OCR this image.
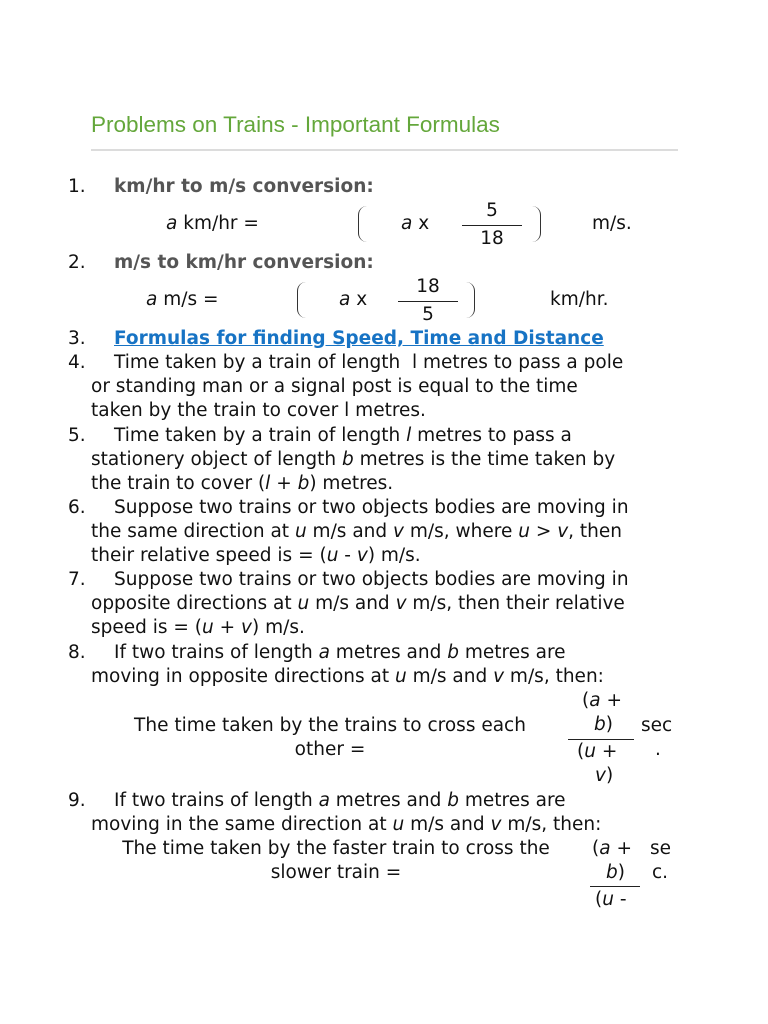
Problems on Trains - Important Formulas
1. km/hr to m/s conversion:
a km/hr =	a x
5
18
m/s.
2. m/s to km/hr conversion:
a m/s =	a x
18
5
km/hr.
3. Formulas for finding Speed, Time and Distance
4. Time taken by a train of length  l metres to pass a pole
or standing man or a signal post is equal to the time
taken by the train to cover l metres.
5. Time taken by a train of length l metres to pass a
stationery object of length b metres is the time taken by
the train to cover (l + b) metres.
6. Suppose two trains or two objects bodies are moving in
the same direction at u m/s and v m/s, where u > v, then
their relative speed is = (u - v) m/s.
7. Suppose two trains or two objects bodies are moving in
opposite directions at u m/s and v m/s, then their relative
speed is = (u + v) m/s.
8. If two trains of length a metres and b metres are
moving in opposite directions at u m/s and v m/s, then:
The time taken by the trains to cross each
other =
(a +
b)
(u +
v)
sec
.
9. If two trains of length a metres and b metres are
moving in the same direction at u m/s and v m/s, then:
The time taken by the faster train to cross the
slower train =
(a +
b)
(u -
se
c.
